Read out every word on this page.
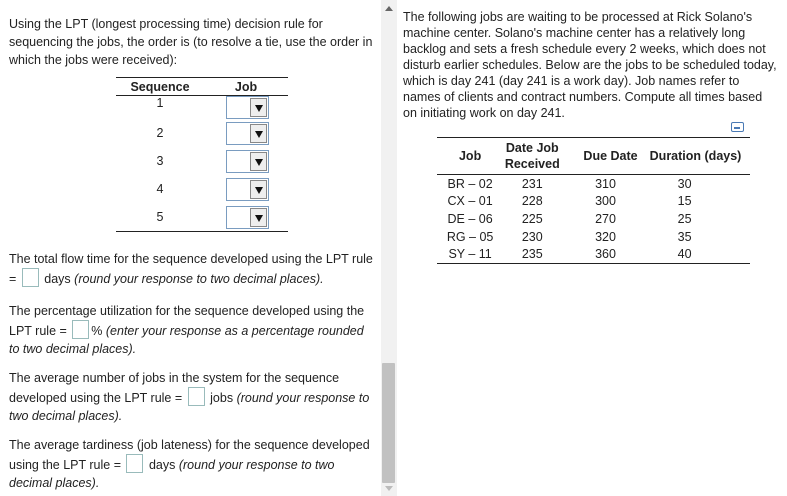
Using the LPT (longest processing time) decision rule for sequencing the jobs, the order is (to resolve a tie, use the order in which the jobs were received):
Sequence	Job
1	

2	

3	

4	

5	
The total flow time for the sequence developed using the LPT rule = days (round your response to two decimal places).
The percentage utilization for the sequence developed using the LPT rule = % (enter your response as a percentage rounded to two decimal places).
The average number of jobs in the system for the sequence developed using the LPT rule = jobs (round your response to two decimal places).
The average tardiness (job lateness) for the sequence developed using the LPT rule = days (round your response to two decimal places).
The following jobs are waiting to be processed at Rick Solano's machine center. Solano's machine center has a relatively long backlog and sets a fresh schedule every 2 weeks, which does not disturb earlier schedules. Below are the jobs to be scheduled today, which is day 241 (day 241 is a work day). Job names refer to names of clients and contract numbers. Compute all times based on initiating work on day 241.
Job	Date Job Received	Due Date	Duration (days)
BR – 02	231	310	30
CX – 01	228	300	15
DE – 06	225	270	25
RG – 05	230	320	35
SY – 11	235	360	40
